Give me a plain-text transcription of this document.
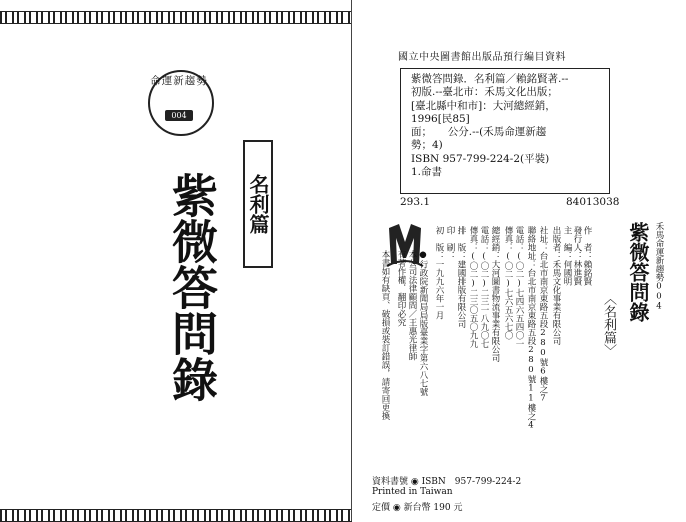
命運新趨勢
004
名利篇
紫微答問錄
國立中央圖書館出版品預行編目資料
紫微答問錄．名利篇／賴銘賢著.--
初版.--臺北市：禾馬文化出版；
[臺北縣中和市]：大河總經銷，
1996[民85]
面；　　公分.--(禾馬命運新趨
勢；4)
ISBN 957-799-224-2(平裝)
1.命書
293.1	84013038
禾馬命運新趨勢004
紫微答問錄
〈名利篇〉
作　者：賴銘賢
發行人：林進賢
主　編：何國明
出版者：禾馬文化事業有限公司
社址：台北市南京東路五段280號6樓之7
聯絡地址：台北市南京東路五段280號11樓之4
電話：(〇二)七四六五四〇一
傳真：(〇二)七六五六七〇
總經銷：大河圖書物流事業有限公司
電話：(〇二)二三一八九〇七
傳真：(〇二)二三〇五〇九九
排　版：建國排版有限公司
印　刷：
初　版：一九九六年一月
●行政院新聞局局版臺業字第六八七號
本公司法律顧問／王惠光律師
有著作權．翻印必究
本書如有缺頁、破損或裝訂錯誤，請寄回更換
資料書號 ◉ ISBN　957-799-224-2
Printed in Taiwan
定價 ◉ 新台幣 190 元
